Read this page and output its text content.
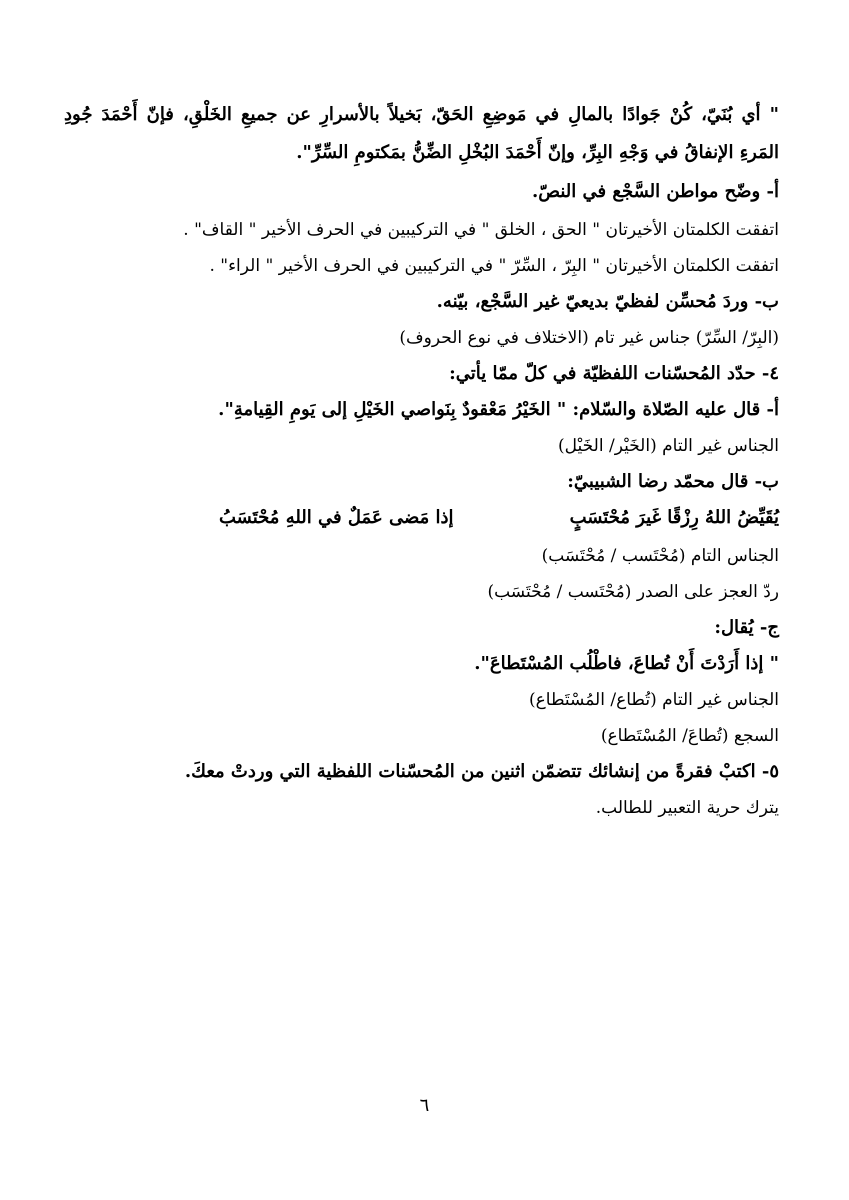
" أي بُنَيّ، كُنْ جَوادًا بالمالِ في مَوضِعِ الحَقّ، بَخيلاً بالأسرارِ عن جميعِ الخَلْقِ، فإنّ أَحْمَدَ جُودِ المَرءِ الإنفاقُ في وَجْهِ البِرِّ، وإنّ أَحْمَدَ البُخْلِ الضِّنُّ بمَكتومِ السِّرِّ".

أ- وضّح مواطن السَّجْع في النصّ.

اتفقت الكلمتان الأخيرتان " الحق ، الخلق " في التركيبين في الحرف الأخير " القاف" .

اتفقت الكلمتان الأخيرتان " البِرّ ، السِّرّ " في التركيبين في الحرف الأخير " الراء" .

ب- وردَ مُحسِّن لفظيّ بديعيّ غير السَّجْع، بيّنه.

(البِرّ/ السِّرّ) جناس غير تام (الاختلاف في نوع الحروف)

٤- حدّد المُحسّنات اللفظيّة في كلّ ممّا يأتي:

أ- قال عليه الصّلاة والسّلام: " الخَيْرُ مَعْقودٌ بِنَواصي الخَيْلِ إلى يَومِ القِيامةِ".

الجناس غير التام (الخَيْر/ الخَيْل)

ب- قال محمّد رضا الشبيبيّ:

يُقَيِّضُ اللهُ رِزْقًا غَيرَ مُحْتَسَبٍ
إذا مَضى عَمَلٌ في اللهِ مُحْتَسَبُ

الجناس التام (مُحْتَسب / مُحْتَسَب)

ردّ العجز على الصدر (مُحْتَسب / مُحْتَسَب)

ج- يُقال:

" إذا أَرَدْتَ أَنْ تُطاعَ، فاطْلُب المُسْتَطاعَ".

الجناس غير التام (تُطاع/ المُسْتَطاع)

السجع (تُطاعَ/ المُسْتَطاع)

٥- اكتبْ فقرةً من إنشائك تتضمّن اثنين من المُحسّنات اللفظية التي وردتْ معكَ.

يترك حرية التعبير للطالب.

٦
